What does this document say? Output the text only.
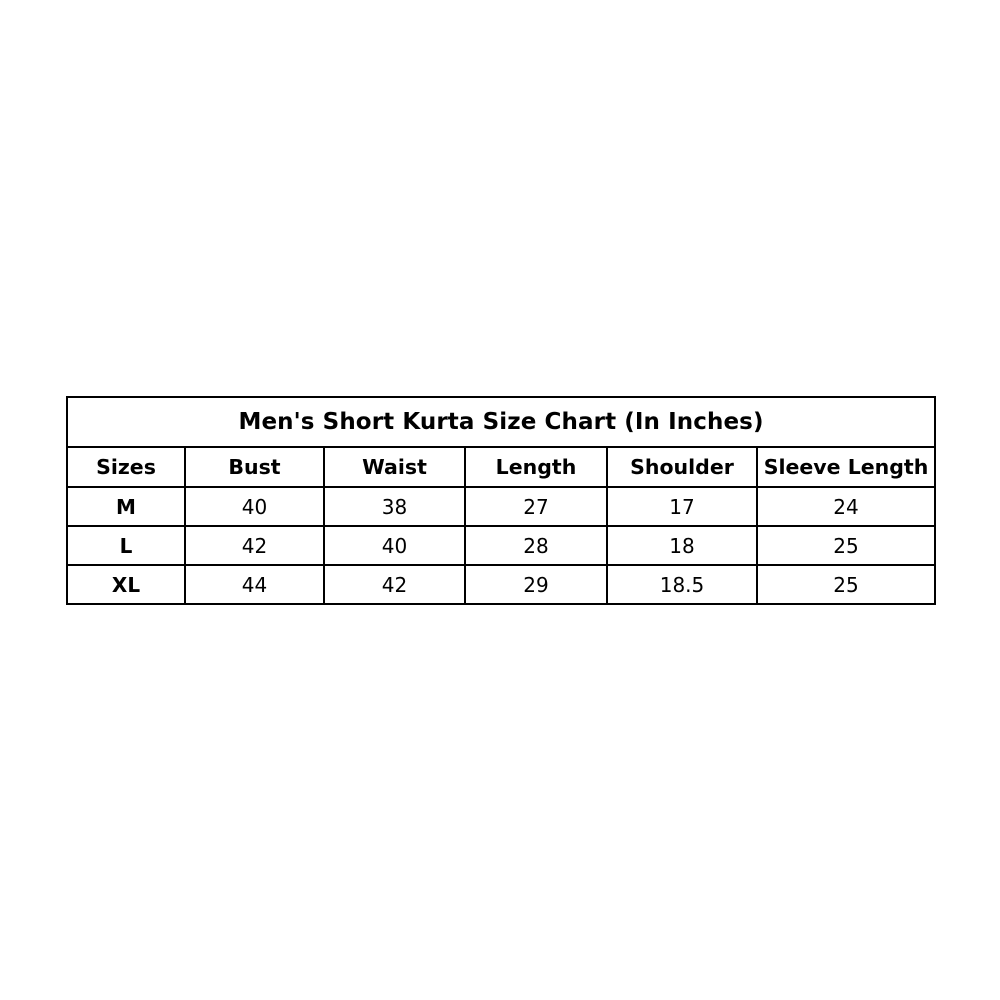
Men's Short Kurta Size Chart (In Inches)					
Sizes	Bust	Waist	Length	Shoulder	Sleeve Length
M	40	38	27	17	24
L	42	40	28	18	25
XL	44	42	29	18.5	25
